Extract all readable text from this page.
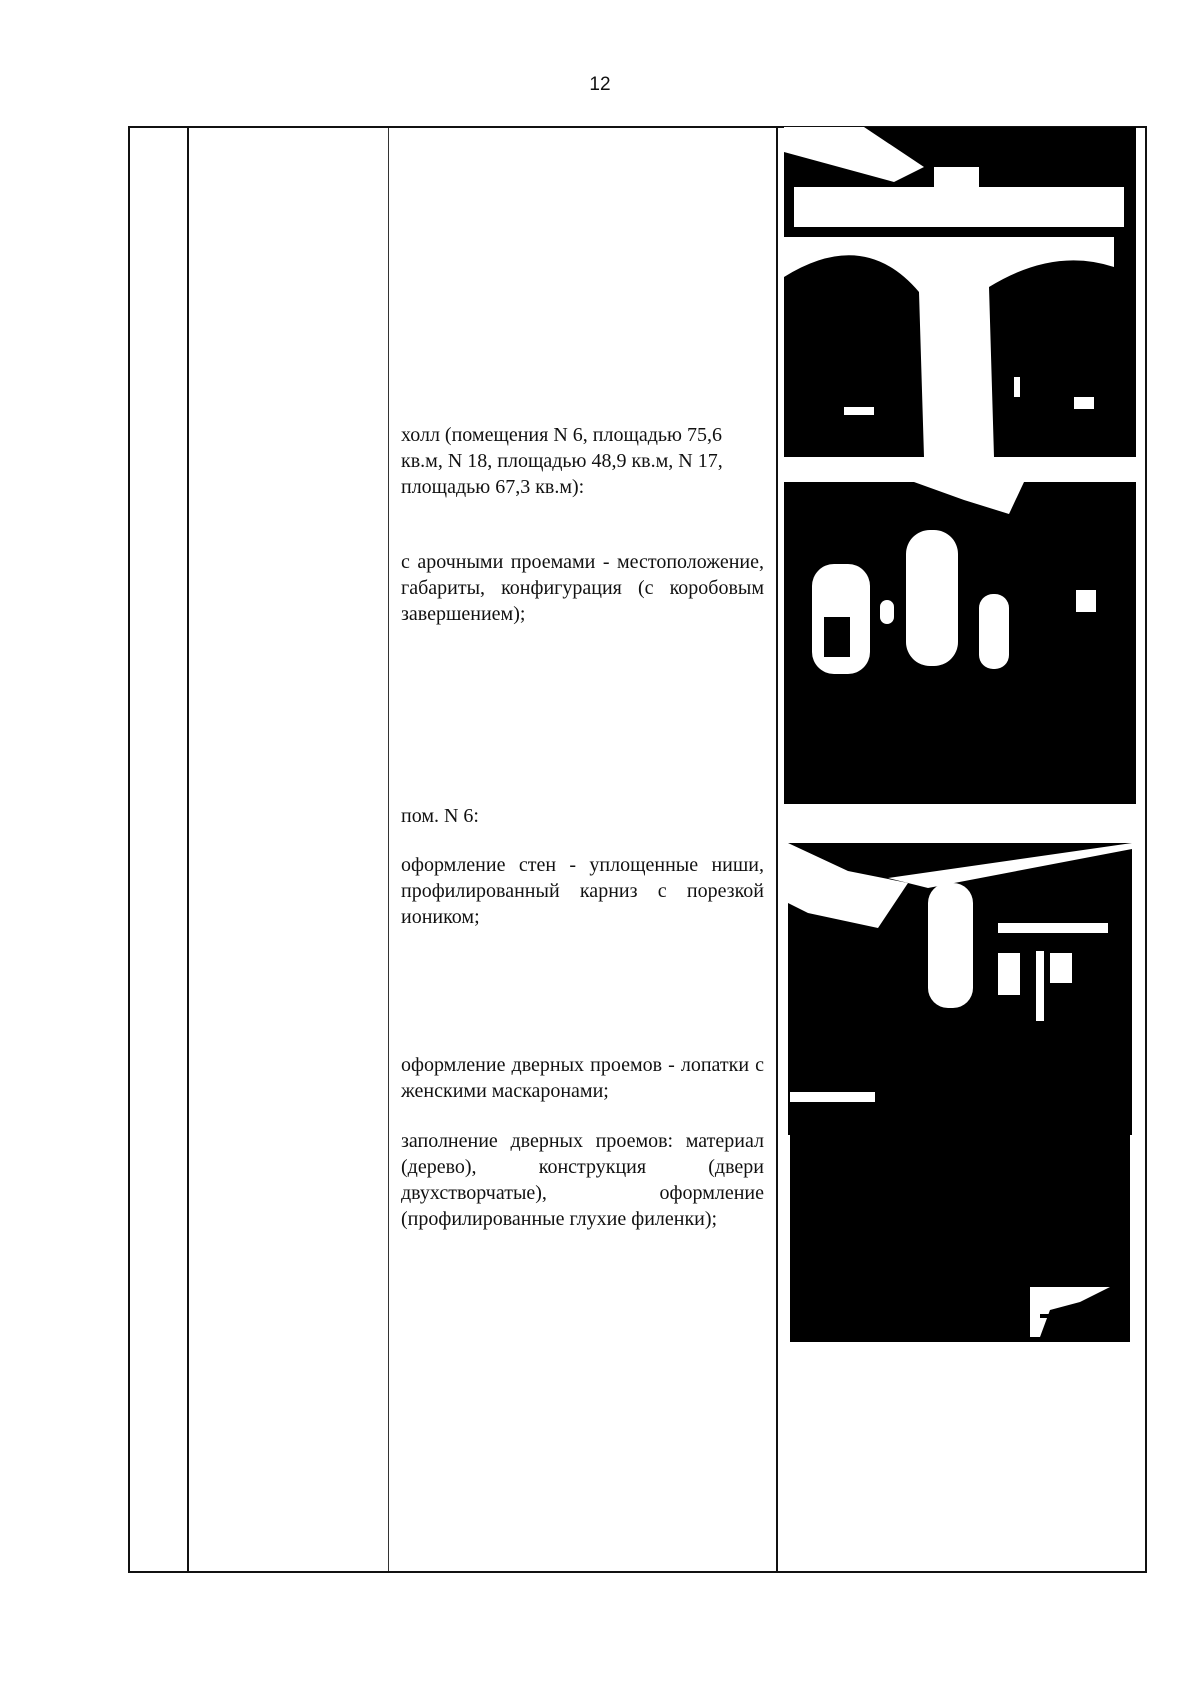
12

холл (помещения N 6, площадью 75,6 кв.м, N 18, площадью 48,9 кв.м, N 17, площадью 67,3 кв.м):

с арочными проемами - местоположение, габариты, конфигурация (с коробовым завершением);

пом. N 6:

оформление стен - уплощенные ниши, профилированный карниз с порезкой иоником;

оформление дверных проемов - лопатки с женскими маскаронами;

заполнение дверных проемов: материал (дерево), конструкция (двери двухстворчатые), оформление (профилированные глухие филенки);
